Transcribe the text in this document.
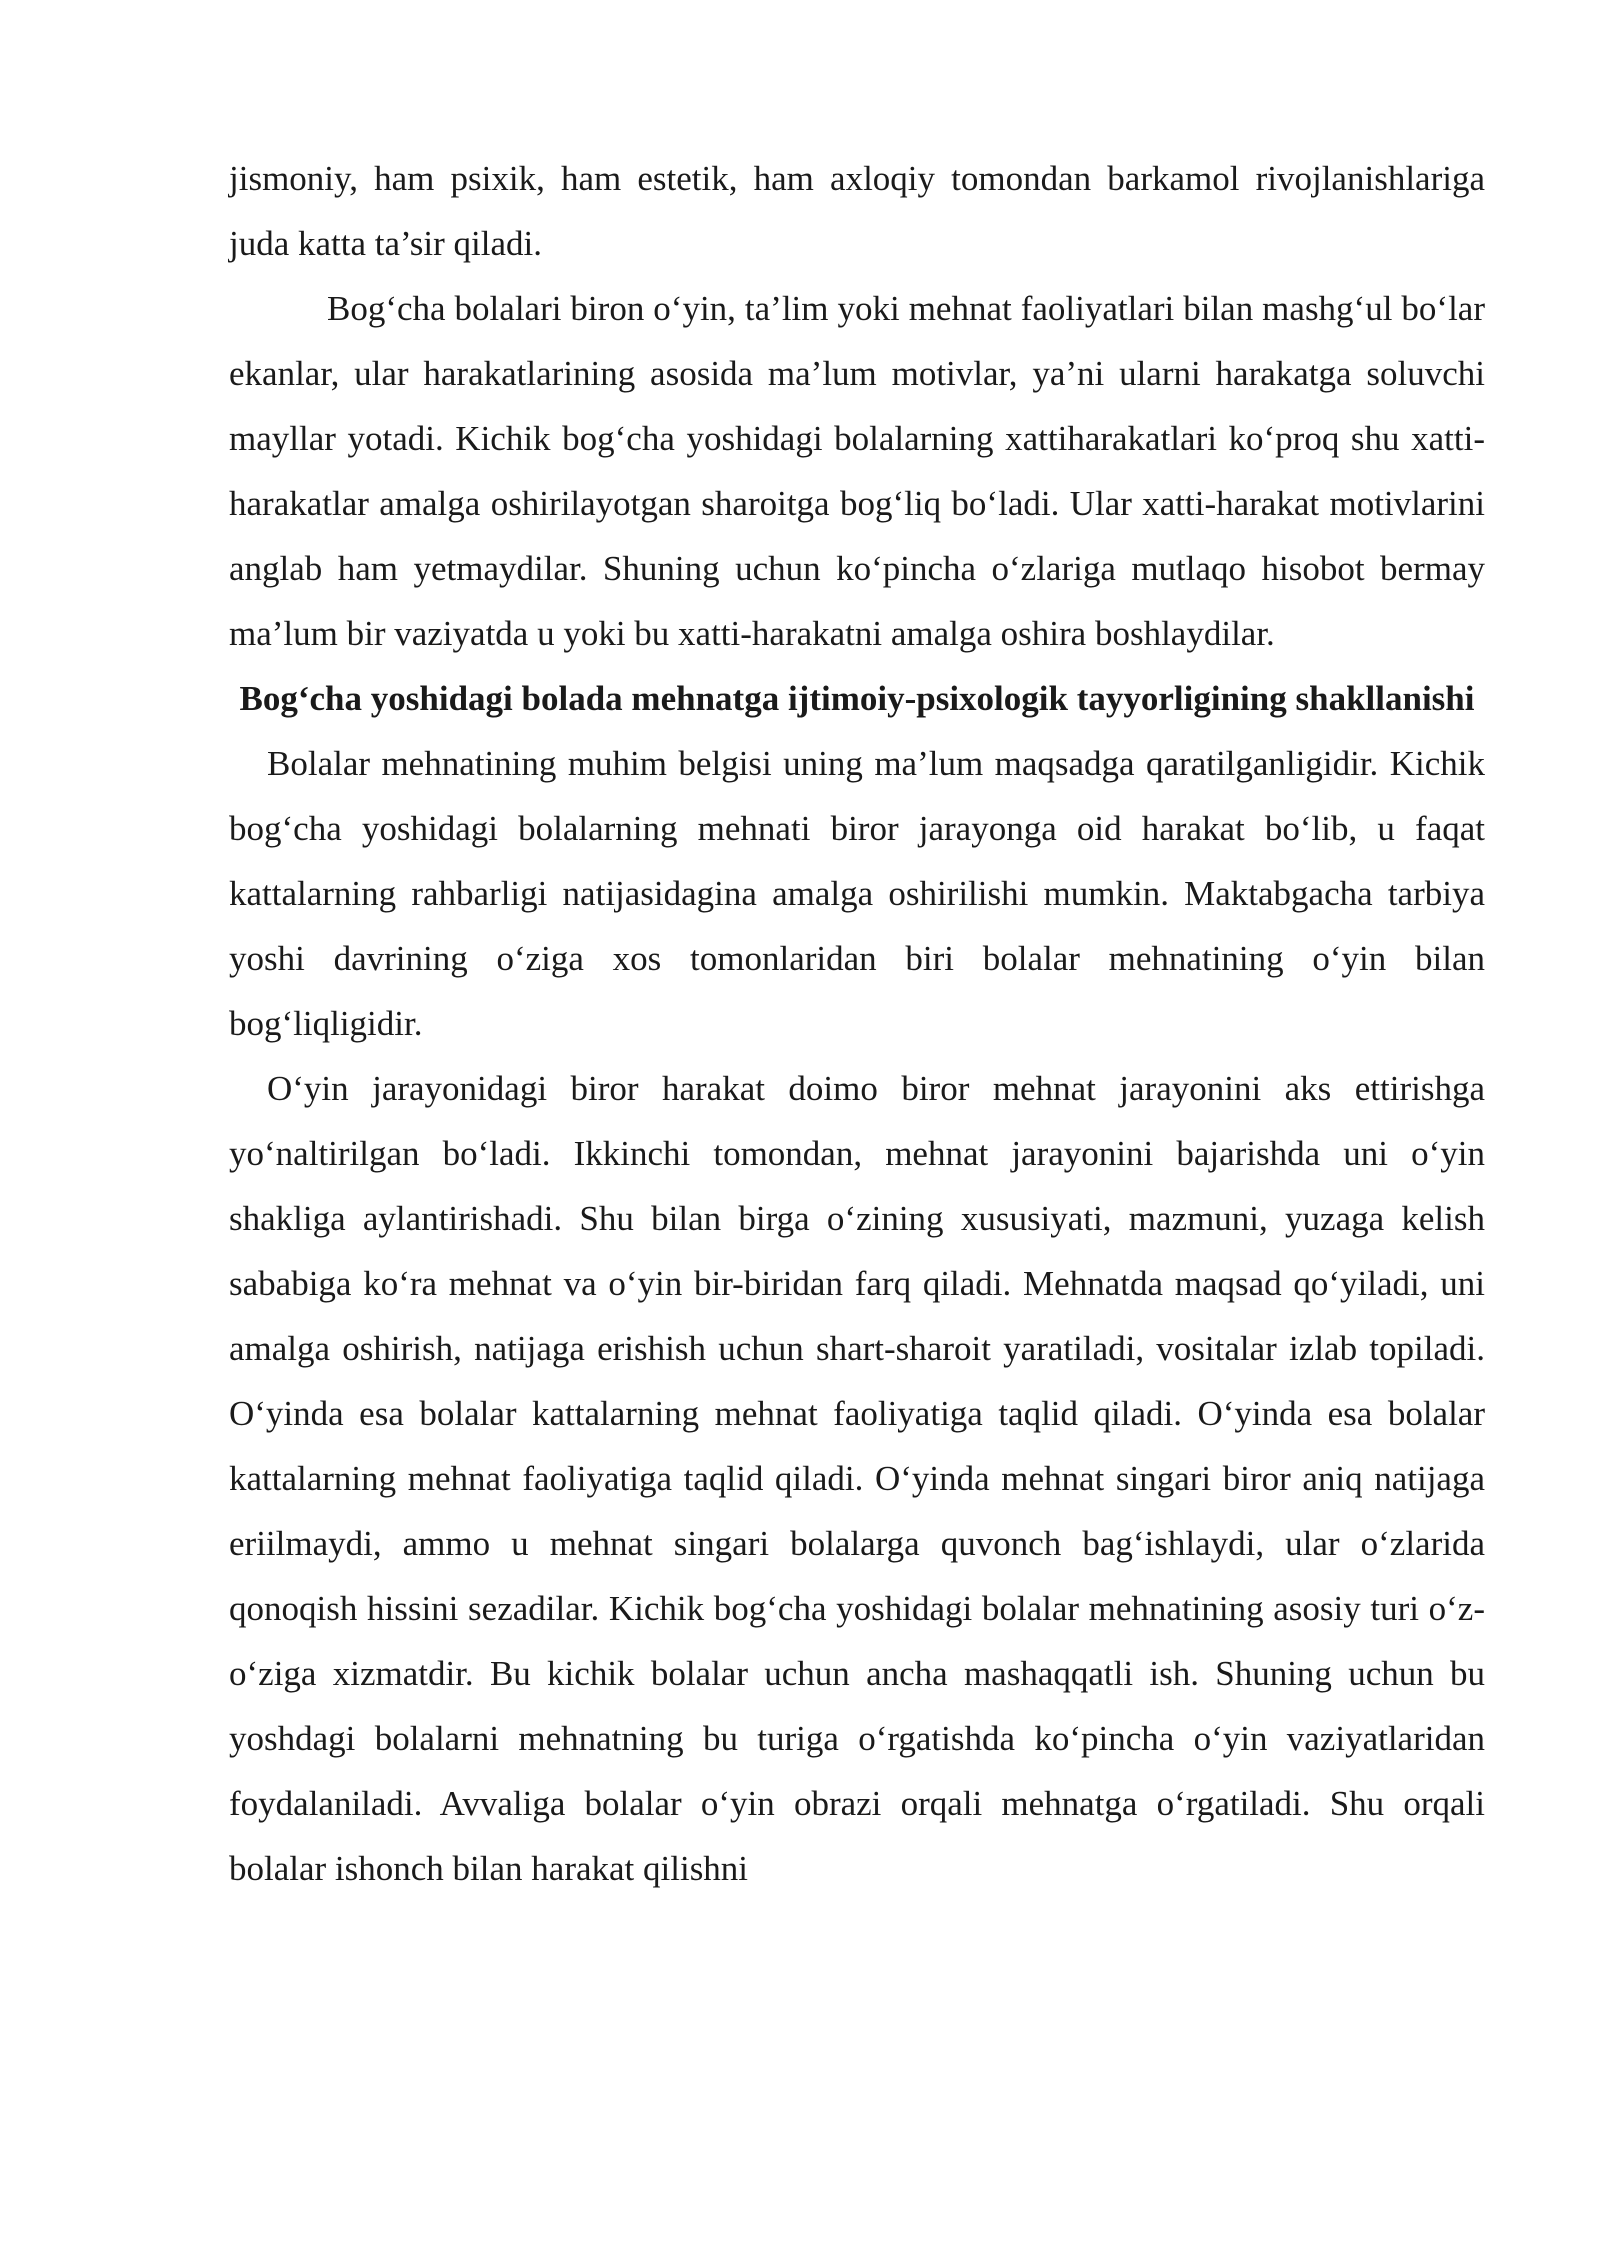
jismoniy, ham psixik, ham estetik, ham axloqiy tomondan barkamol rivojlanishlariga juda katta ta’sir qiladi.

Bog‘cha bolalari biron o‘yin, ta’lim yoki mehnat faoliyatlari bilan mashg‘ul bo‘lar ekanlar, ular harakatlarining asosida ma’lum motivlar, ya’ni ularni harakatga soluvchi mayllar yotadi. Kichik bog‘cha yoshidagi bolalarning xattiharakatlari ko‘proq shu xatti-harakatlar amalga oshirilayotgan sharoitga bog‘liq bo‘ladi. Ular xatti-harakat motivlarini anglab ham yetmaydilar. Shuning uchun ko‘pincha o‘zlariga mutlaqo hisobot bermay ma’lum bir vaziyatda u yoki bu xatti-harakatni amalga oshira boshlaydilar.

Bog‘cha yoshidagi bolada mehnatga ijtimoiy-psixologik tayyorligining shakllanishi

Bolalar mehnatining muhim belgisi uning ma’lum maqsadga qaratilganligidir. Kichik bog‘cha yoshidagi bolalarning mehnati biror jarayonga oid harakat bo‘lib, u faqat kattalarning rahbarligi natijasidagina amalga oshirilishi mumkin. Maktabgacha tarbiya yoshi davrining o‘ziga xos tomonlaridan biri bolalar mehnatining o‘yin bilan bog‘liqligidir.

O‘yin jarayonidagi biror harakat doimo biror mehnat jarayonini aks ettirishga yo‘naltirilgan bo‘ladi. Ikkinchi tomondan, mehnat jarayonini bajarishda uni o‘yin shakliga aylantirishadi. Shu bilan birga o‘zining xususiyati, mazmuni, yuzaga kelish sababiga ko‘ra mehnat va o‘yin bir-biridan farq qiladi. Mehnatda maqsad qo‘yiladi, uni amalga oshirish, natijaga erishish uchun shart-sharoit yaratiladi, vositalar izlab topiladi. O‘yinda esa bolalar kattalarning mehnat faoliyatiga taqlid qiladi. O‘yinda esa bolalar kattalarning mehnat faoliyatiga taqlid qiladi. O‘yinda mehnat singari biror aniq natijaga eriilmaydi, ammo u mehnat singari bolalarga quvonch bag‘ishlaydi, ular o‘zlarida qonoqish hissini sezadilar. Kichik bog‘cha yoshidagi bolalar mehnatining asosiy turi o‘z-o‘ziga xizmatdir. Bu kichik bolalar uchun ancha mashaqqatli ish. Shuning uchun bu yoshdagi bolalarni mehnatning bu turiga o‘rgatishda ko‘pincha o‘yin vaziyatlaridan foydalaniladi. Avvaliga bolalar o‘yin obrazi orqali mehnatga o‘rgatiladi. Shu orqali bolalar ishonch bilan harakat qilishni
